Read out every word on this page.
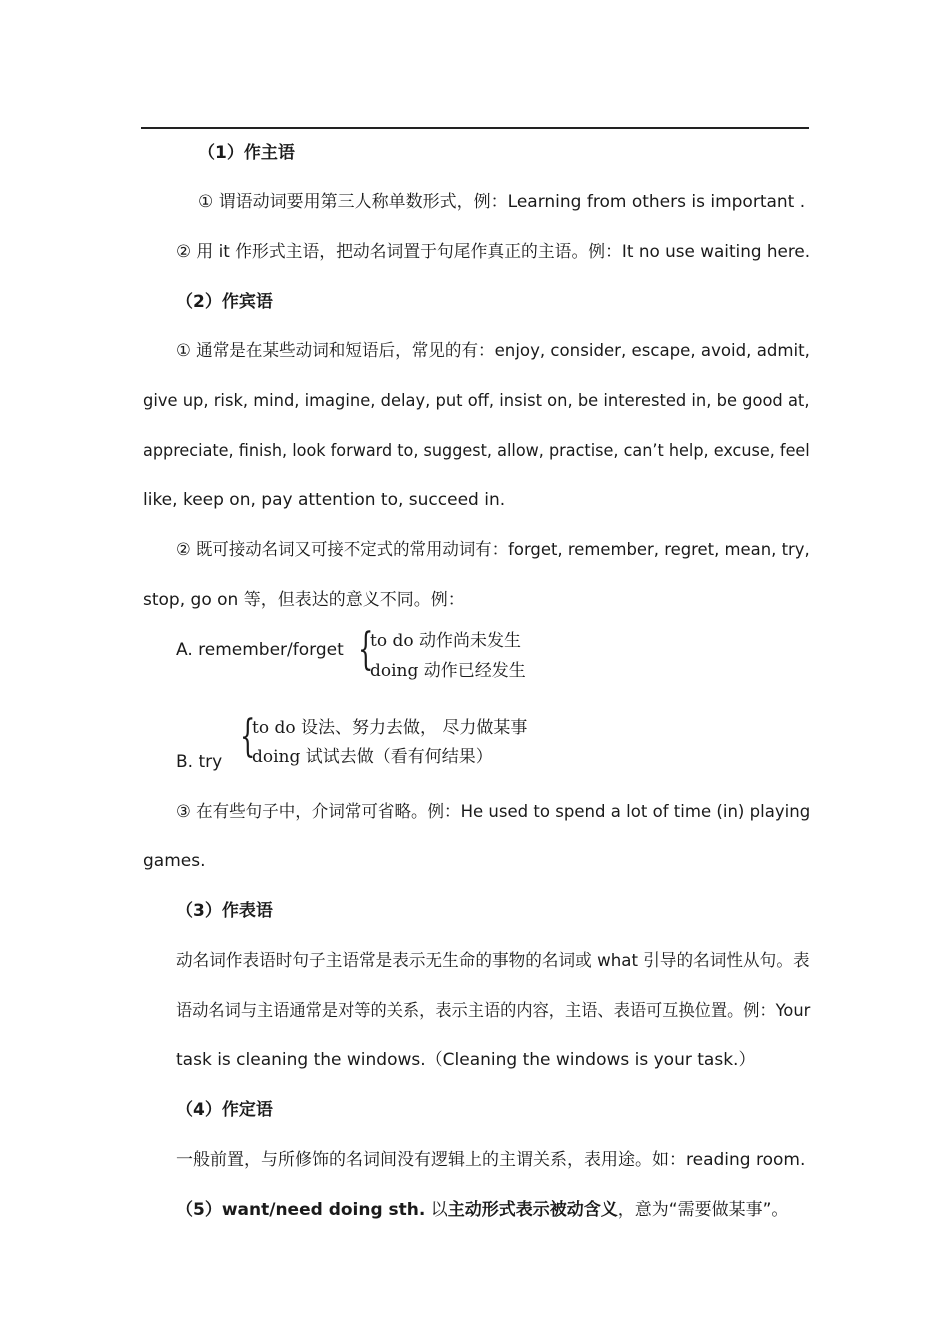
（1）作主语
① 谓语动词要用第三人称单数形式，例：Learning from others is important .
② 用 it 作形式主语，把动名词置于句尾作真正的主语。例：It no use waiting here.
（2）作宾语
① 通常是在某些动词和短语后，常见的有：enjoy, consider, escape, avoid, admit,
give up, risk, mind, imagine, delay, put off, insist on, be interested in, be good at,
appreciate, finish, look forward to, suggest, allow, practise, can’t help, excuse, feel
like, keep on, pay attention to, succeed in.
② 既可接动名词又可接不定式的常用动词有：forget, remember, regret, mean, try,
stop, go on 等，但表达的意义不同。例：
A. remember/forget {
to do 动作尚未发生
doing 动作已经发生
{
to do 设法、努力去做， 尽力做某事
doing 试试去做（看有何结果）
B. try
③ 在有些句子中，介词常可省略。例：He used to spend a lot of time (in) playing
games.
（3）作表语
动名词作表语时句子主语常是表示无生命的事物的名词或 what 引导的名词性从句。表
语动名词与主语通常是对等的关系，表示主语的内容，主语、表语可互换位置。例：Your
task is cleaning the windows.（Cleaning the windows is your task.）
（4）作定语
一般前置，与所修饰的名词间没有逻辑上的主谓关系，表用途。如：reading room.
（5）want/need doing sth. 以主动形式表示被动含义，意为“需要做某事”。
